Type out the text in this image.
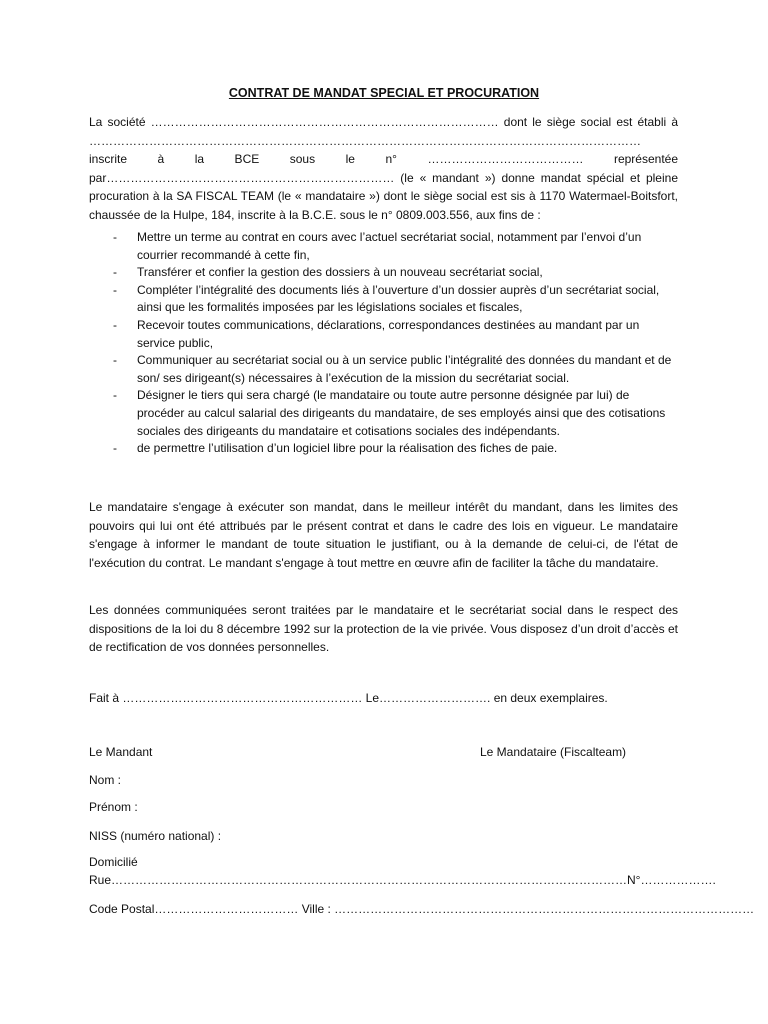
CONTRAT DE MANDAT SPECIAL ET PROCURATION
La société …………………………………………………………………………… dont le siège social est établi à ………………………………………………………………………………………………………………………… inscrite à la BCE sous le n° ………………………………… représentée par……………………………………………………………… (le « mandant ») donne mandat spécial et pleine procuration à la SA FISCAL TEAM (le « mandataire ») dont le siège social est sis à 1170 Watermael-Boitsfort, chaussée de la Hulpe, 184, inscrite à la B.C.E. sous le n° 0809.003.556, aux fins de :
- Mettre un terme au contrat en cours avec l’actuel secrétariat social, notamment par l’envoi d’un courrier recommandé à cette fin,
- Transférer et confier la gestion des dossiers à un nouveau secrétariat social,
- Compléter l’intégralité des documents liés à l’ouverture d’un dossier auprès d’un secrétariat social, ainsi que les formalités imposées par les législations sociales et fiscales,
- Recevoir toutes communications, déclarations, correspondances destinées au mandant par un service public,
- Communiquer au secrétariat social ou à un service public l’intégralité des données du mandant et de son/ ses dirigeant(s) nécessaires à l’exécution de la mission du secrétariat social.
- Désigner le tiers qui sera chargé (le mandataire ou toute autre personne désignée par lui) de procéder au calcul salarial des dirigeants du mandataire, de ses employés ainsi que des cotisations sociales des dirigeants du mandataire et cotisations sociales des indépendants.
- de permettre l’utilisation d’un logiciel libre pour la réalisation des fiches de paie.
Le mandataire s'engage à exécuter son mandat, dans le meilleur intérêt du mandant, dans les limites des pouvoirs qui lui ont été attribués par le présent contrat et dans le cadre des lois en vigueur. Le mandataire s'engage à informer le mandant de toute situation le justifiant, ou à la demande de celui-ci, de l'état de l'exécution du contrat. Le mandant s'engage à tout mettre en œuvre afin de faciliter la tâche du mandataire.
Les données communiquées seront traitées par le mandataire et le secrétariat social dans le respect des dispositions de la loi du 8 décembre 1992 sur la protection de la vie privée. Vous disposez d’un droit d’accès et de rectification de vos données personnelles.
Fait à …………………………………………………… Le………………………. en deux exemplaires.
Le Mandant	Le Mandataire (Fiscalteam)
Nom :
Prénom :
NISS (numéro national) :
Domicilié
Rue…………………………………………………………………………………………………………………N°……………….
Code Postal……………………………… Ville : ……………………………………………………………………………………………
